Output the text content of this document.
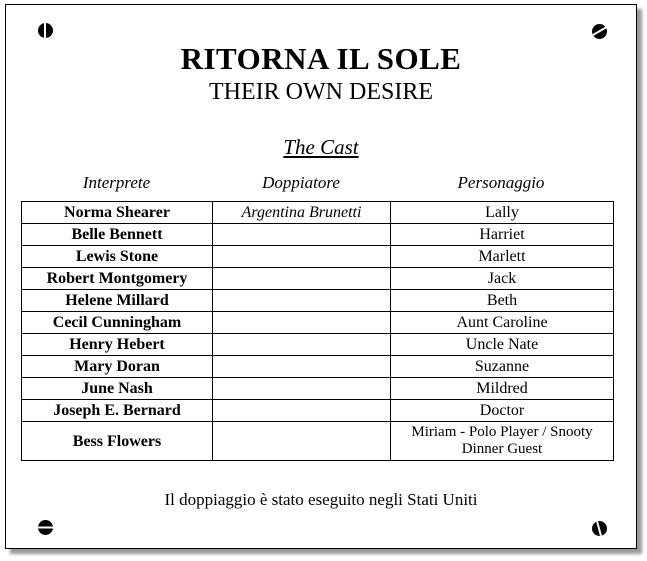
RITORNA IL SOLE
THEIR OWN DESIRE
The Cast
Interprete	Doppiatore	Personaggio
Norma Shearer	Argentina Brunetti	Lally
Belle Bennett		Harriet
Lewis Stone		Marlett
Robert Montgomery		Jack
Helene Millard		Beth
Cecil Cunningham		Aunt Caroline
Henry Hebert		Uncle Nate
Mary Doran		Suzanne
June Nash		Mildred
Joseph E. Bernard		Doctor
Bess Flowers		Miriam - Polo Player / Snooty Dinner Guest
Il doppiaggio è stato eseguito negli Stati Uniti
